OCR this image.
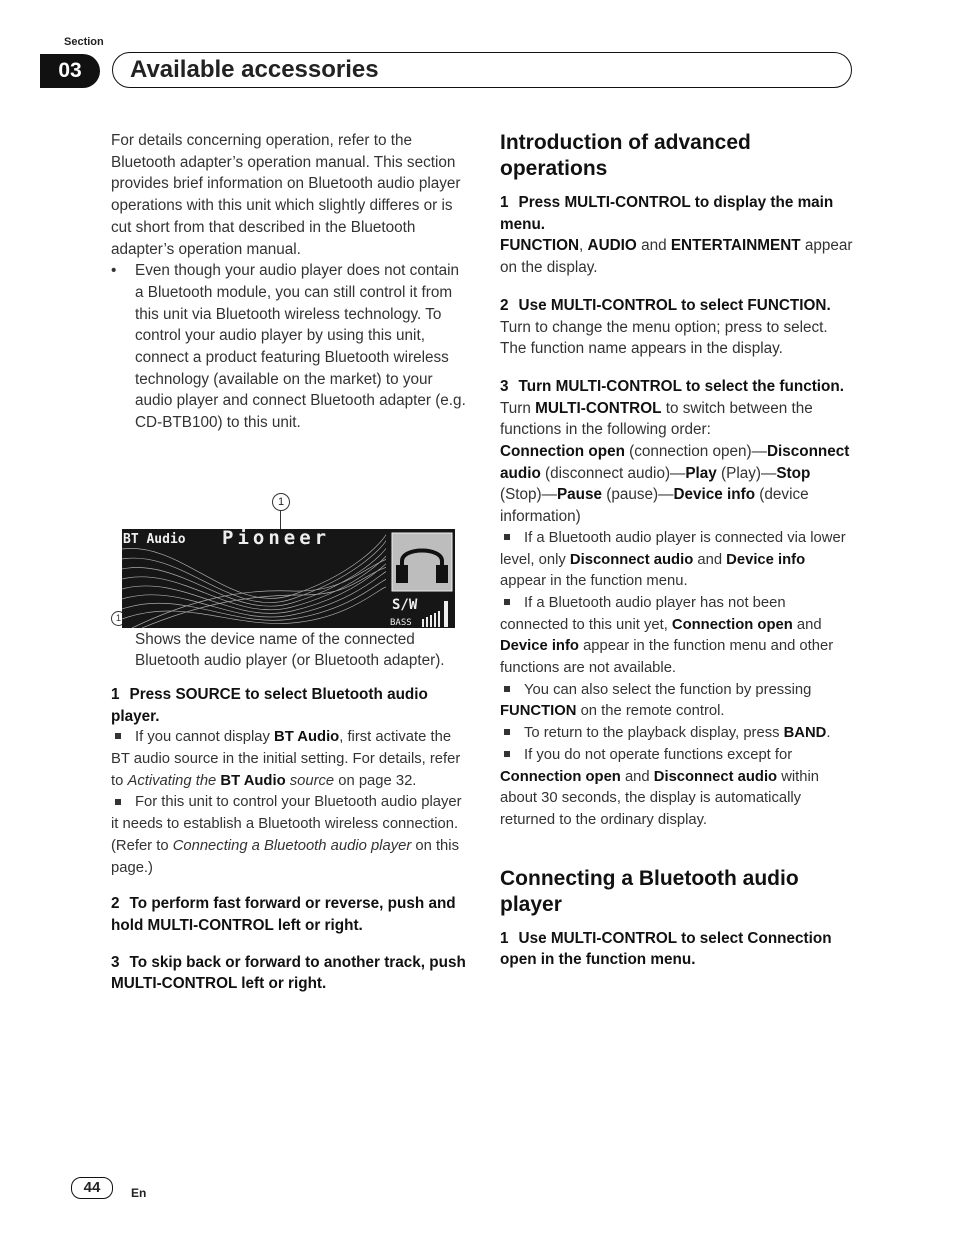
Section
03	Available accessories

For details concerning operation, refer to the Bluetooth adapter’s operation manual. This section provides brief information on Bluetooth audio player operations with this unit which slightly differes or is cut short from that described in the Bluetooth adapter’s operation manual.

•	Even though your audio player does not contain a Bluetooth module, you can still control it from this unit via Bluetooth wireless technology. To control your audio player by using this unit, connect a product featuring Bluetooth wireless technology (available on the market) to your audio player and connect Bluetooth adapter (e.g. CD-BTB100) to this unit.
1

Shows the device name of the connected Bluetooth audio player (or Bluetooth adapter).

1 Press SOURCE to select Bluetooth audio player.

If you cannot display BT Audio, first activate the BT audio source in the initial setting. For details, refer to Activating the BT Audio source on page 32.

For this unit to control your Bluetooth audio player it needs to establish a Bluetooth wireless connection. (Refer to Connecting a Bluetooth audio player on this page.)

2 To perform fast forward or reverse, push and hold MULTI-CONTROL left or right.

3 To skip back or forward to another track, push MULTI-CONTROL left or right.

1
BT Audio Pioneer
S/W
BASS
Introduction of advanced operations

1 Press MULTI-CONTROL to display the main menu.

FUNCTION, AUDIO and ENTERTAINMENT appear on the display.

2 Use MULTI-CONTROL to select FUNCTION.

Turn to change the menu option; press to select.

The function name appears in the display.

3 Turn MULTI-CONTROL to select the function.

Turn MULTI-CONTROL to switch between the functions in the following order:

Connection open (connection open)—Disconnect audio (disconnect audio)—Play (Play)—Stop (Stop)—Pause (pause)—Device info (device information)

If a Bluetooth audio player is connected via lower level, only Disconnect audio and Device info appear in the function menu.

If a Bluetooth audio player has not been connected to this unit yet, Connection open and Device info appear in the function menu and other functions are not available.

You can also select the function by pressing FUNCTION on the remote control.

To return to the playback display, press BAND.

If you do not operate functions except for Connection open and Disconnect audio within about 30 seconds, the display is automatically returned to the ordinary display.

Connecting a Bluetooth audio player

1 Use MULTI-CONTROL to select Connection open in the function menu.

44	En
